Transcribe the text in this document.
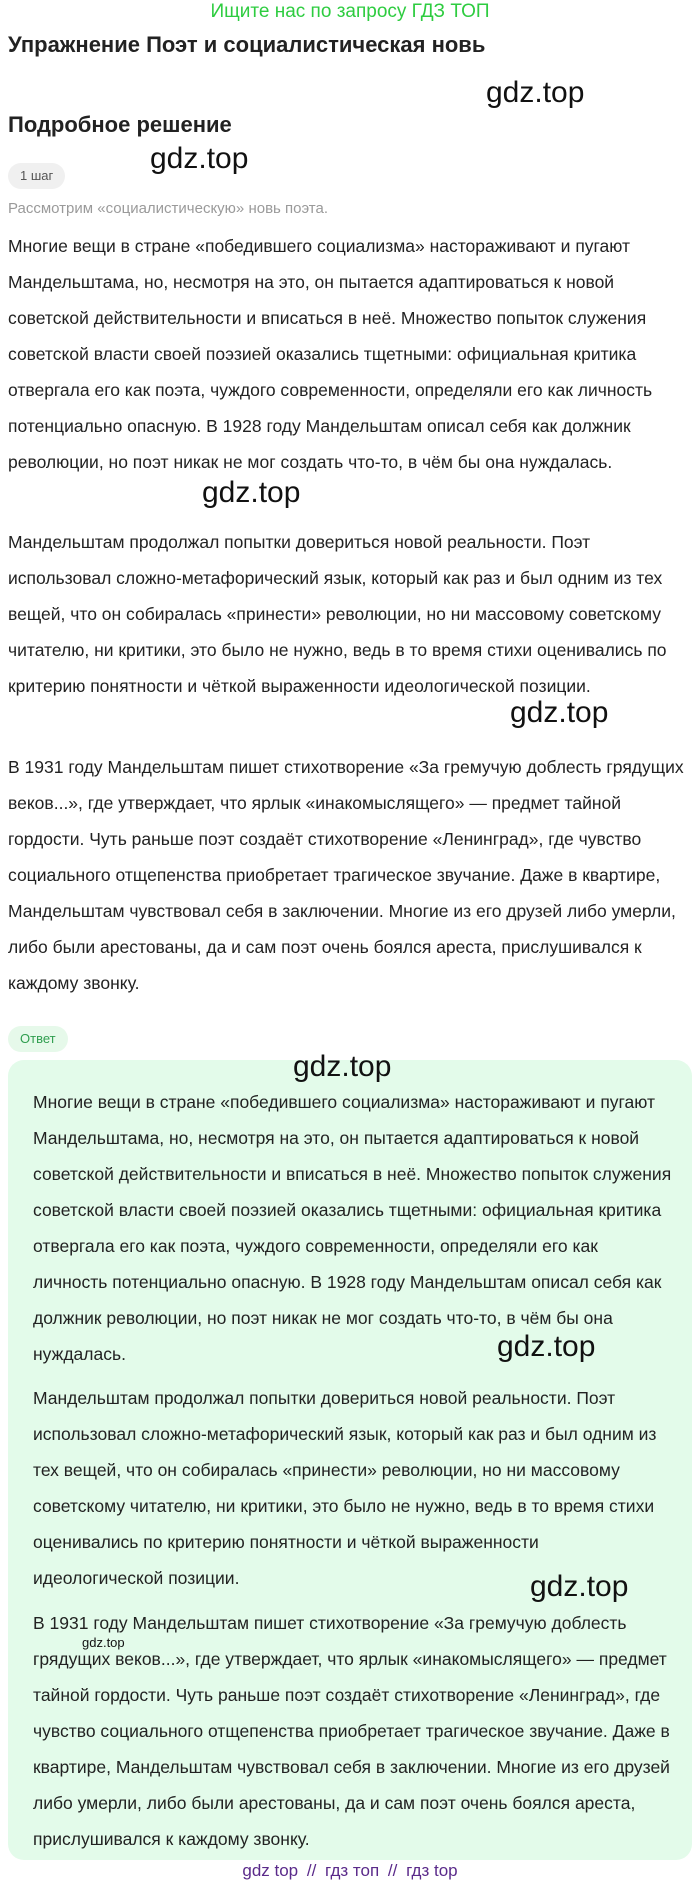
Ищите нас по запросу ГДЗ ТОП
Упражнение Поэт и социалистическая новь
gdz.top
Подробное решение
gdz.top
1 шаг
Рассмотрим «социалистическую» новь поэта.

Многие вещи в стране «победившего социализма» настораживают и пугают Мандельштама, но, несмотря на это, он пытается адаптироваться к новой советской действительности и вписаться в неё. Множество попыток служения советской власти своей поэзией оказались тщетными: официальная критика отвергала его как поэта, чуждого современности, определяли его как личность потенциально опасную. В 1928 году Мандельштам описал себя как должник революции, но поэт никак не мог создать что-то, в чём бы она нуждалась.

gdz.top

Мандельштам продолжал попытки довериться новой реальности. Поэт использовал сложно-метафорический язык, который как раз и был одним из тех вещей, что он собиралась «принести» революции, но ни массовому советскому читателю, ни критики, это было не нужно, ведь в то время стихи оценивались по критерию понятности и чёткой выраженности идеологической позиции.

gdz.top

В 1931 году Мандельштам пишет стихотворение «За гремучую доблесть грядущих веков...», где утверждает, что ярлык «инакомыслящего» — предмет тайной гордости. Чуть раньше поэт создаёт стихотворение «Ленинград», где чувство социального отщепенства приобретает трагическое звучание. Даже в квартире, Мандельштам чувствовал себя в заключении. Многие из его друзей либо умерли, либо были арестованы, да и сам поэт очень боялся ареста, прислушивался к каждому звонку.

Ответ
gdz.top

Многие вещи в стране «победившего социализма» настораживают и пугают Мандельштама, но, несмотря на это, он пытается адаптироваться к новой советской действительности и вписаться в неё. Множество попыток служения советской власти своей поэзией оказались тщетными: официальная критика отвергала его как поэта, чуждого современности, определяли его как личность потенциально опасную. В 1928 году Мандельштам описал себя как должник революции, но поэт никак не мог создать что-то, в чём бы она нуждалась.	gdz.top

Мандельштам продолжал попытки довериться новой реальности. Поэт использовал сложно-метафорический язык, который как раз и был одним из тех вещей, что он собиралась «принести» революции, но ни массовому советскому читателю, ни критики, это было не нужно, ведь в то время стихи оценивались по критерию понятности и чёткой выраженности идеологической позиции.	gdz.top

В 1931 году Мандельштам пишет стихотворение «За гремучую доблесть грядущих веков...», где утверждает, что ярлык «инакомыслящего» — предмет тайной гордости. Чуть раньше поэт создаёт стихотворение «Ленинград», где чувство социального отщепенства приобретает трагическое звучание. Даже в квартире, Мандельштам чувствовал себя в заключении. Многие из его друзей либо умерли, либо были арестованы, да и сам поэт очень боялся ареста, прислушивался к каждому звонку.

gdz.top
gdz top // гдз топ // гдз top
